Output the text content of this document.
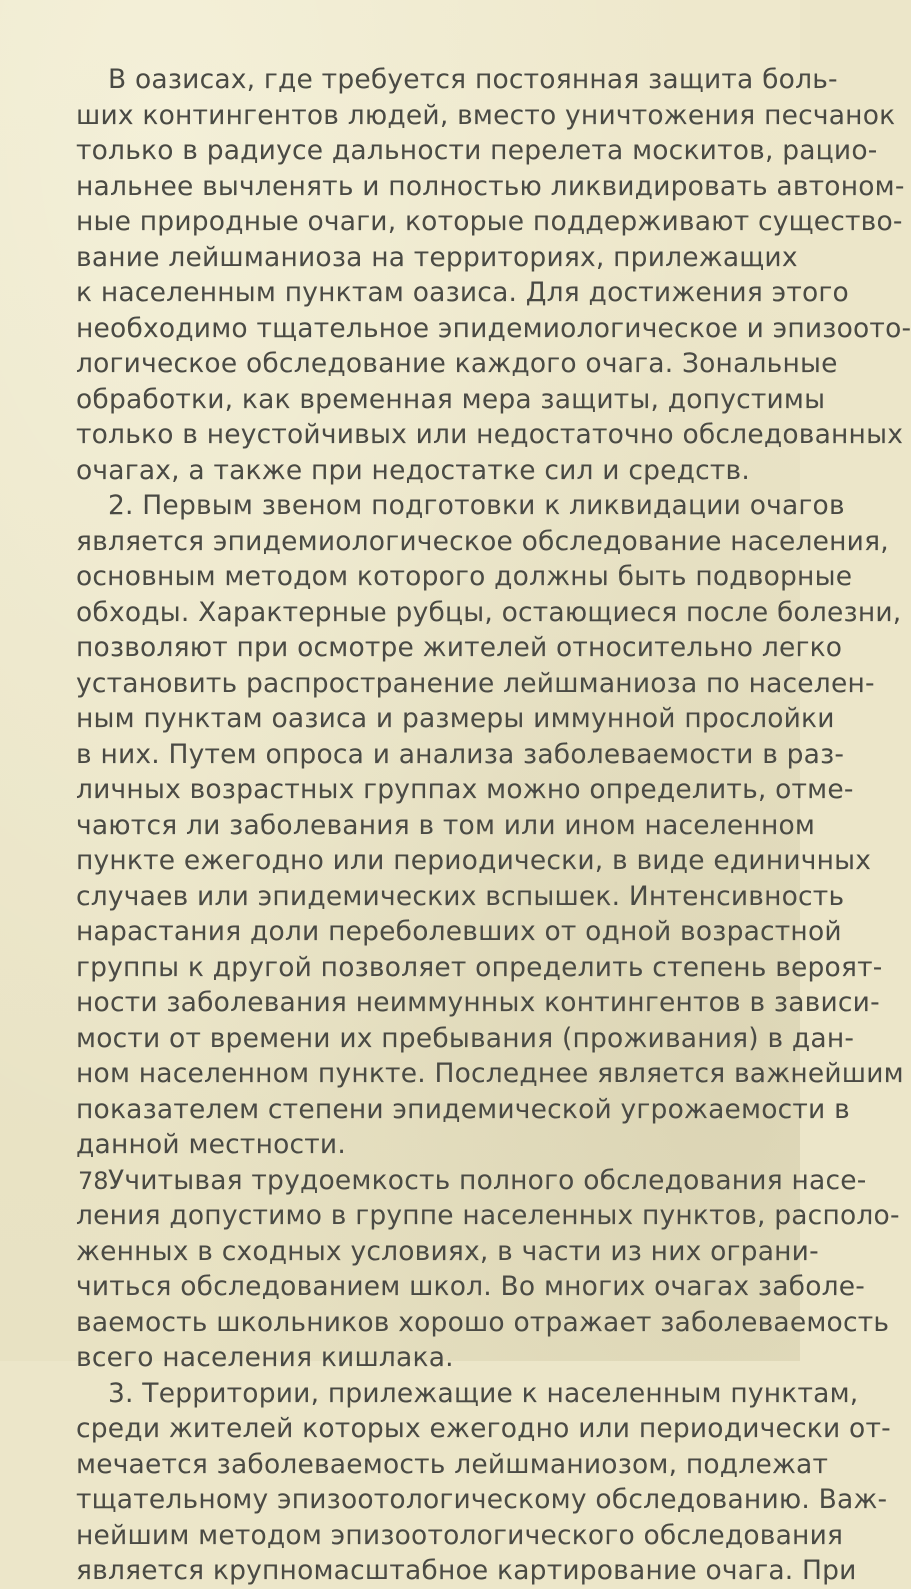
В оазисах, где требуется постоянная защита боль-
ших контингентов людей, вместо уничтожения песчанок
только в радиусе дальности перелета москитов, рацио-
нальнее вычленять и полностью ликвидировать автоном-
ные природные очаги, которые поддерживают существо-
вание лейшманиоза на территориях, прилежащих
к населенным пунктам оазиса. Для достижения этого
необходимо тщательное эпидемиологическое и эпизоото-
логическое обследование каждого очага. Зональные
обработки, как временная мера защиты, допустимы
только в неустойчивых или недостаточно обследованных
очагах, а также при недостатке сил и средств.
2. Первым звеном подготовки к ликвидации очагов
является эпидемиологическое обследование населения,
основным методом которого должны быть подворные
обходы. Характерные рубцы, остающиеся после болезни,
позволяют при осмотре жителей относительно легко
установить распространение лейшманиоза по населен-
ным пунктам оазиса и размеры иммунной прослойки
в них. Путем опроса и анализа заболеваемости в раз-
личных возрастных группах можно определить, отме-
чаются ли заболевания в том или ином населенном
пункте ежегодно или периодически, в виде единичных
случаев или эпидемических вспышек. Интенсивность
нарастания доли переболевших от одной возрастной
группы к другой позволяет определить степень вероят-
ности заболевания неиммунных контингентов в зависи-
мости от времени их пребывания (проживания) в дан-
ном населенном пункте. Последнее является важнейшим
показателем степени эпидемической угрожаемости в
данной местности.
Учитывая трудоемкость полного обследования насе-
ления допустимо в группе населенных пунктов, располо-
женных в сходных условиях, в части из них ограни-
читься обследованием школ. Во многих очагах заболе-
ваемость школьников хорошо отражает заболеваемость
всего населения кишлака.
3. Территории, прилежащие к населенным пунктам,
среди жителей которых ежегодно или периодически от-
мечается заболеваемость лейшманиозом, подлежат
тщательному эпизоотологическому обследованию. Важ-
нейшим методом эпизоотологического обследования
является крупномасштабное картирование очага. При
78
